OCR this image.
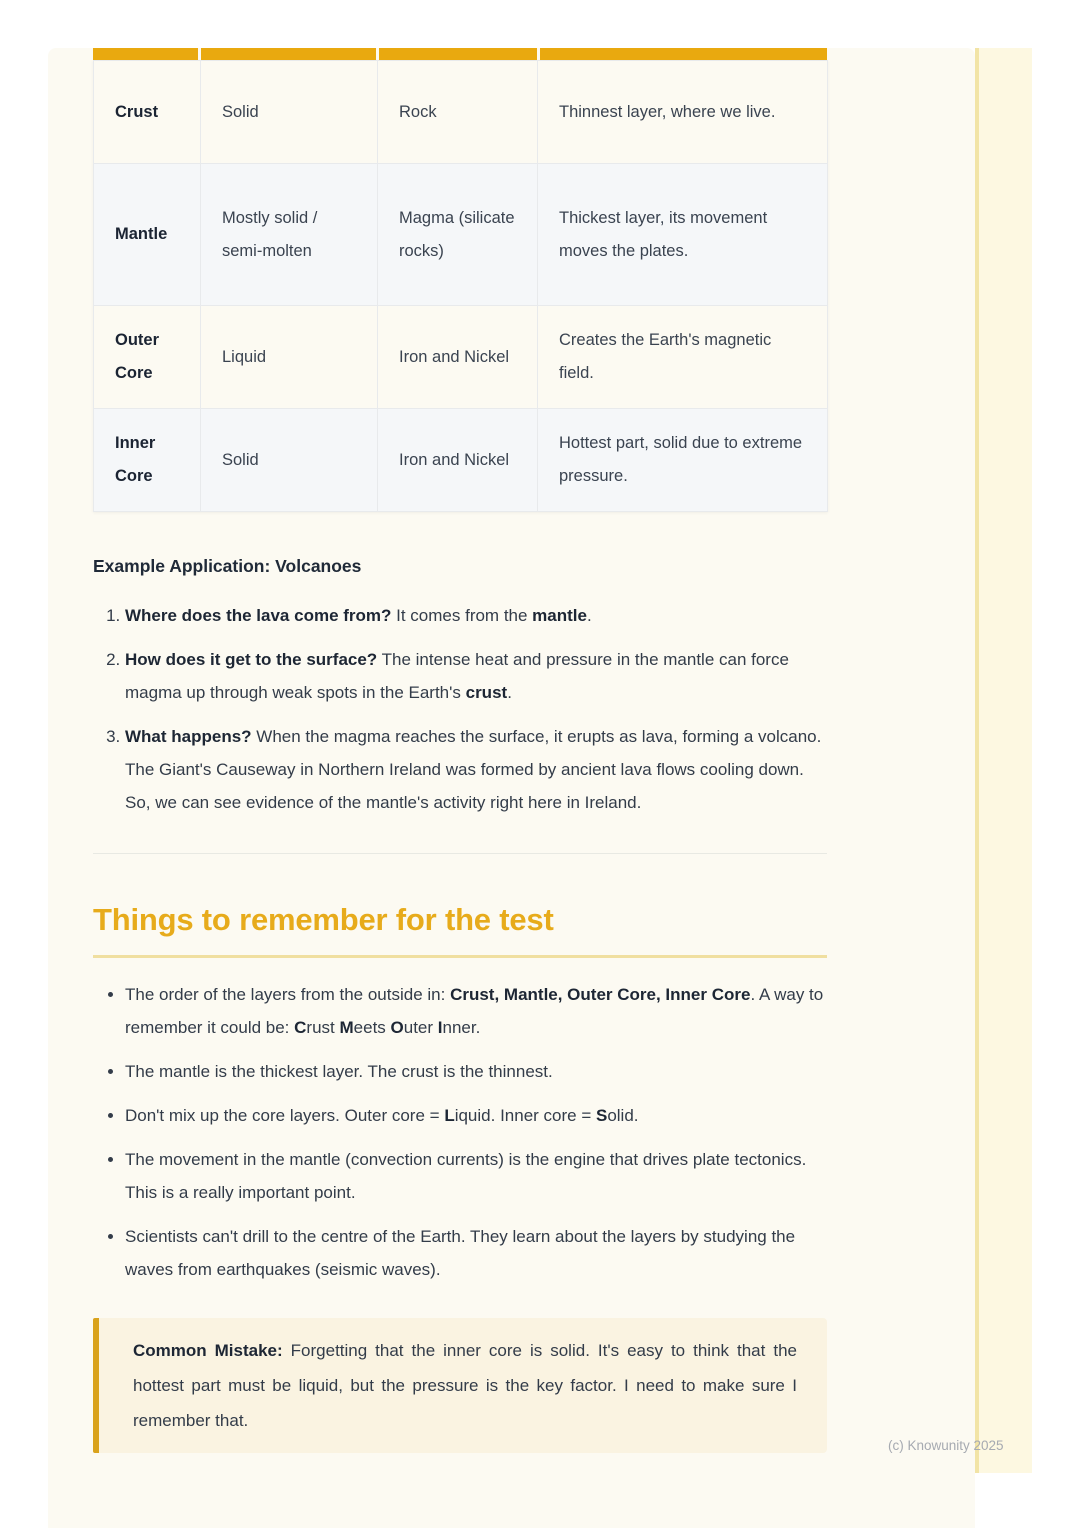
Crust	Solid	Rock	Thinnest layer, where we live.
Mantle	Mostly solid / semi-molten	Magma (silicate rocks)	Thickest layer, its movement moves the plates.
Outer Core	Liquid	Iron and Nickel	Creates the Earth's magnetic field.
Inner Core	Solid	Iron and Nickel	Hottest part, solid due to extreme pressure.
Example Application: Volcanoes
1. Where does the lava come from? It comes from the mantle.
2. How does it get to the surface? The intense heat and pressure in the mantle can force magma up through weak spots in the Earth's crust.
3. What happens? When the magma reaches the surface, it erupts as lava, forming a volcano. The Giant's Causeway in Northern Ireland was formed by ancient lava flows cooling down. So, we can see evidence of the mantle's activity right here in Ireland.
Things to remember for the test
• The order of the layers from the outside in: Crust, Mantle, Outer Core, Inner Core. A way to remember it could be: Crust Meets Outer Inner.
• The mantle is the thickest layer. The crust is the thinnest.
• Don't mix up the core layers. Outer core = Liquid. Inner core = Solid.
• The movement in the mantle (convection currents) is the engine that drives plate tectonics. This is a really important point.
• Scientists can't drill to the centre of the Earth. They learn about the layers by studying the waves from earthquakes (seismic waves).
Common Mistake: Forgetting that the inner core is solid. It's easy to think that the hottest part must be liquid, but the pressure is the key factor. I need to make sure I remember that.
(c) Knowunity 2025
